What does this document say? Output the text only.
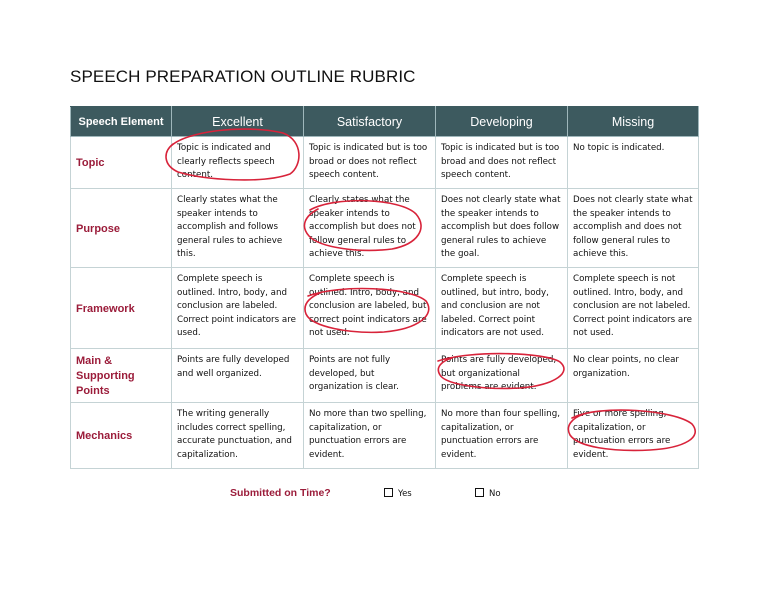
SPEECH PREPARATION OUTLINE RUBRIC
Speech Element	Excellent	Satisfactory	Developing	Missing
Topic	Topic is indicated and clearly reflects speech content.	Topic is indicated but is too broad or does not reflect speech content.	Topic is indicated but is too broad and does not reflect speech content.	No topic is indicated.
Purpose	Clearly states what the speaker intends to accomplish and follows general rules to achieve this.	Clearly states what the speaker intends to accomplish but does not follow general rules to achieve this.	Does not clearly state what the speaker intends to accomplish but does follow general rules to achieve the goal.	Does not clearly state what the speaker intends to accomplish and does not follow general rules to achieve this.
Framework	Complete speech is outlined. Intro, body, and conclusion are labeled. Correct point indicators are used.	Complete speech is outlined. Intro, body, and conclusion are labeled, but correct point indicators are not used.	Complete speech is outlined, but intro, body, and conclusion are not labeled. Correct point indicators are not used.	Complete speech is not outlined. Intro, body, and conclusion are not labeled. Correct point indicators are not used.
Main & Supporting Points	Points are fully developed and well organized.	Points are not fully developed, but organization is clear.	Points are fully developed, but organizational problems are evident.	No clear points, no clear organization.
Mechanics	The writing generally includes correct spelling, accurate punctuation, and capitalization.	No more than two spelling, capitalization, or punctuation errors are evident.	No more than four spelling, capitalization, or punctuation errors are evident.	Five or more spelling, capitalization, or punctuation errors are evident.
Submitted on Time?	Yes	No
